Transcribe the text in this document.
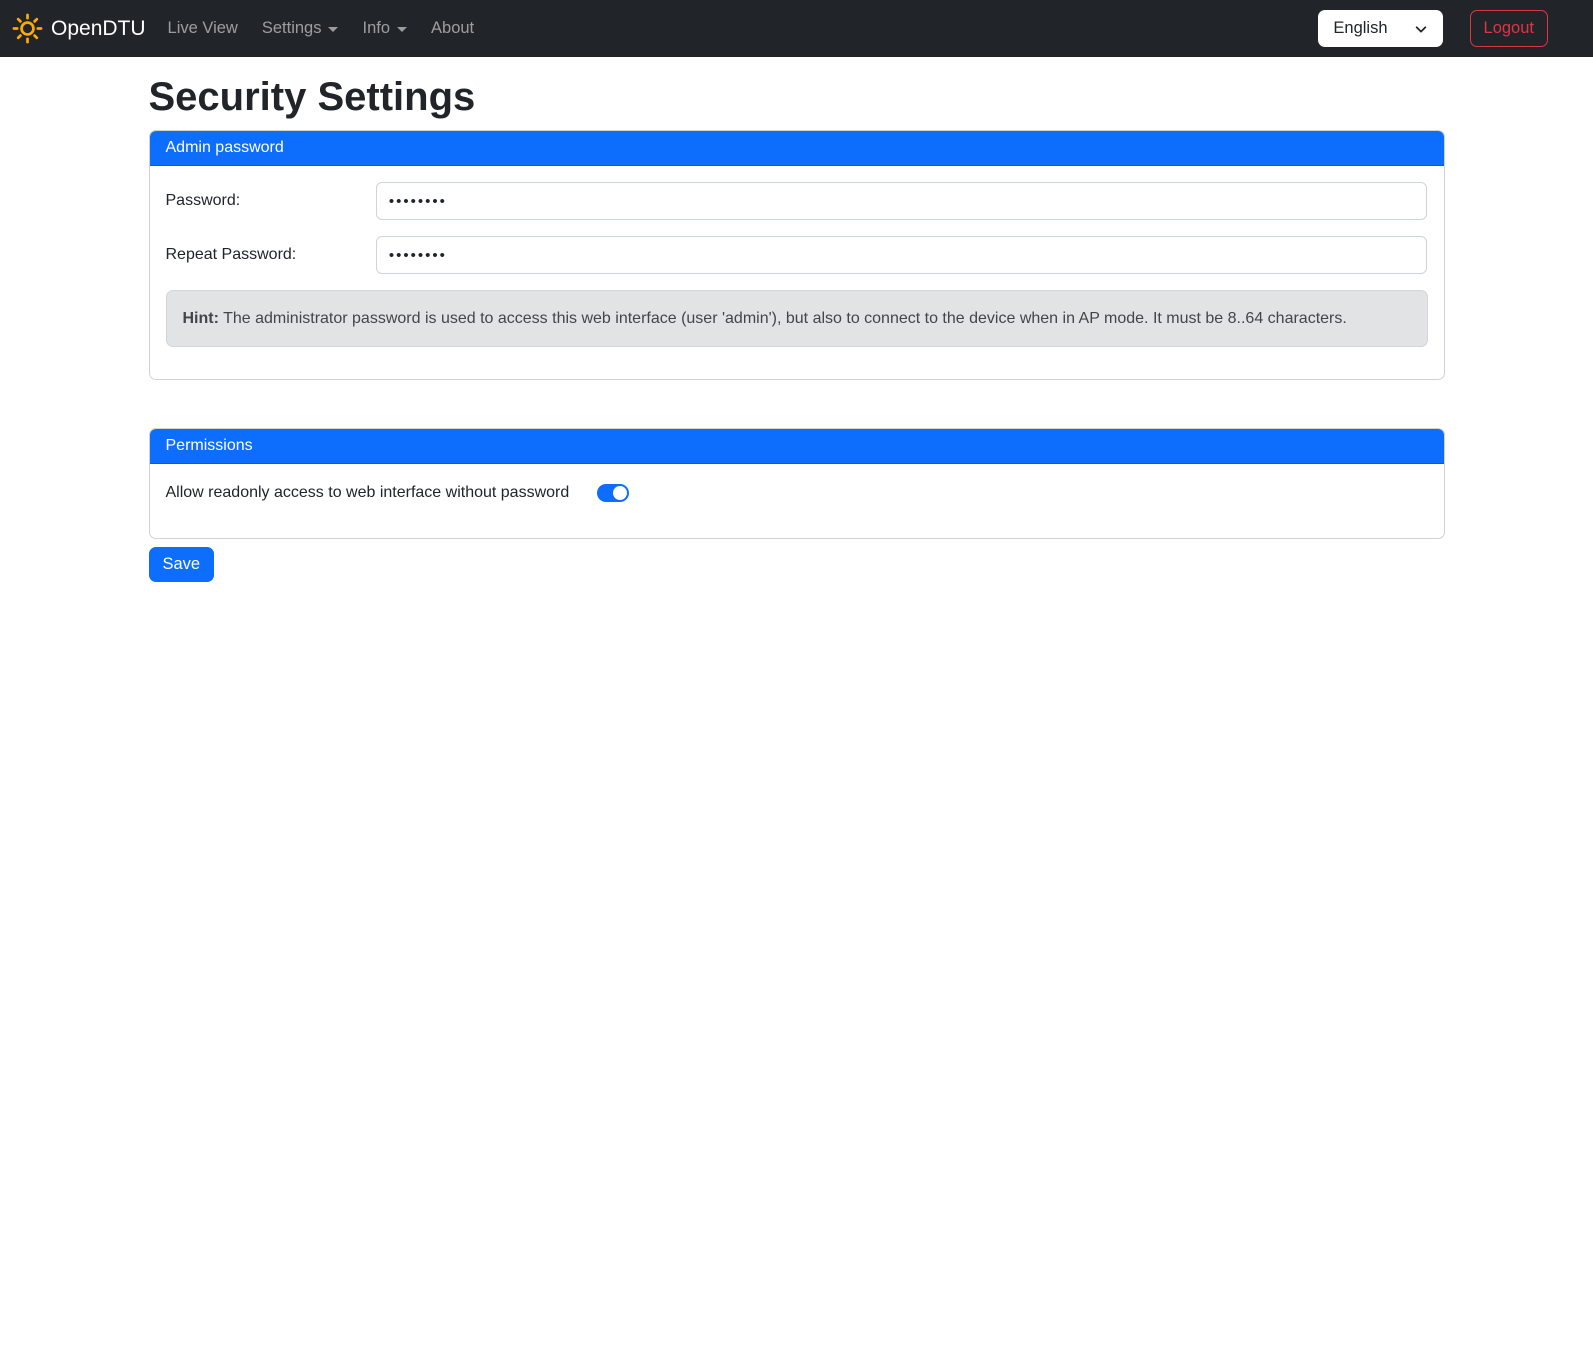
OpenDTU Live View Settings Info About	English	Logout
Security Settings
Admin password
Password:
Repeat Password:
Hint: The administrator password is used to access this web interface (user 'admin'), but also to connect to the device when in AP mode. It must be 8..64 characters.
Permissions
Allow readonly access to web interface without password
Save
